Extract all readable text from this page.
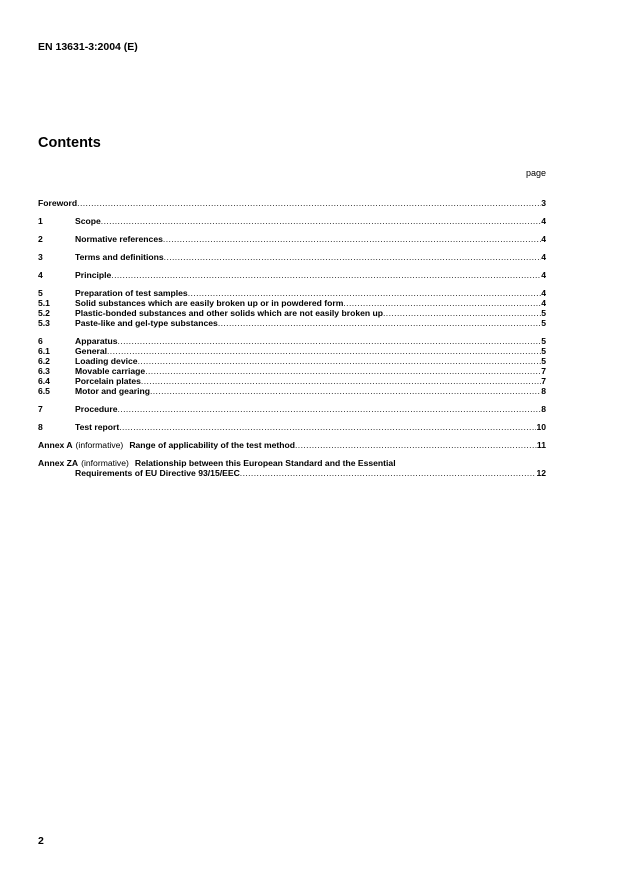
EN 13631-3:2004 (E)
Contents
page
Foreword .....	3
1	Scope .....	4
2	Normative references .....	4
3	Terms and definitions .....	4
4	Principle .....	4
5	Preparation of test samples .....	4
5.1	Solid substances which are easily broken up or in powdered form .....	4
5.2	Plastic-bonded substances and other solids which are not easily broken up .....	5
5.3	Paste-like and gel-type substances .....	5
6	Apparatus .....	5
6.1	General .....	5
6.2	Loading device .....	5
6.3	Movable carriage .....	7
6.4	Porcelain plates .....	7
6.5	Motor and gearing .....	8
7	Procedure .....	8
8	Test report .....	10
Annex A (informative) Range of applicability of the test method .....	11
Annex ZA (informative) Relationship between this European Standard and the Essential
Requirements of EU Directive 93/15/EEC .....	12
2
